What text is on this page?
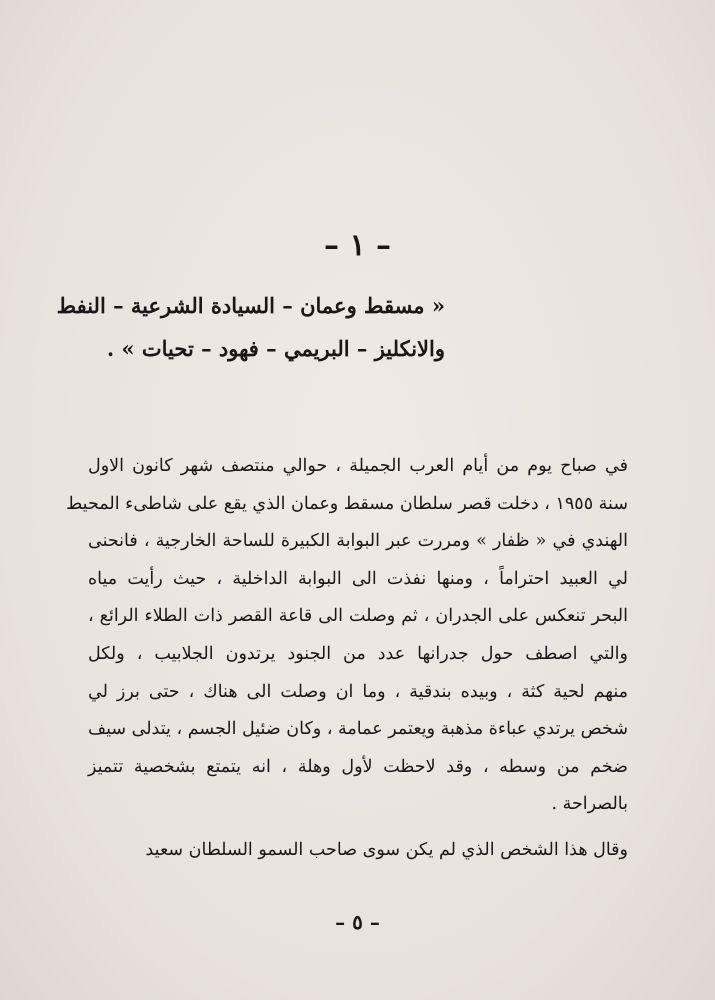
– ١ –
« مسقط وعمان – السيادة الشرعية – النفط
والانكليز – البريمي – فهود – تحيات » .
في صباح يوم من أيام العرب الجميلة ، حوالي منتصف شهر كانون الاول
سنة ١٩٥٥ ، دخلت قصر سلطان مسقط وعمان الذي يقع على شاطىء المحيط
الهندي في « ظفار » ومررت عبر البوابة الكبيرة للساحة الخارجية ، فانحنى
لي العبيد احتراماً ، ومنها نفذت الى البوابة الداخلية ، حيث رأيت مياه
البحر تنعكس على الجدران ، ثم وصلت الى قاعة القصر ذات الطلاء الرائع ،
والتي اصطف حول جدرانها عدد من الجنود يرتدون الجلابيب ، ولكل
منهم لحية كثة ، وبيده بندقية ، وما ان وصلت الى هناك ، حتى برز لي
شخص يرتدي عباءة مذهبة ويعتمر عمامة ، وكان ضئيل الجسم ، يتدلى سيف
ضخم من وسطه ، وقد لاحظت لأول وهلة ، انه يتمتع بشخصية تتميز
بالصراحة .
وقال هذا الشخص الذي لم يكن سوى صاحب السمو السلطان سعيد
– ٥ –
